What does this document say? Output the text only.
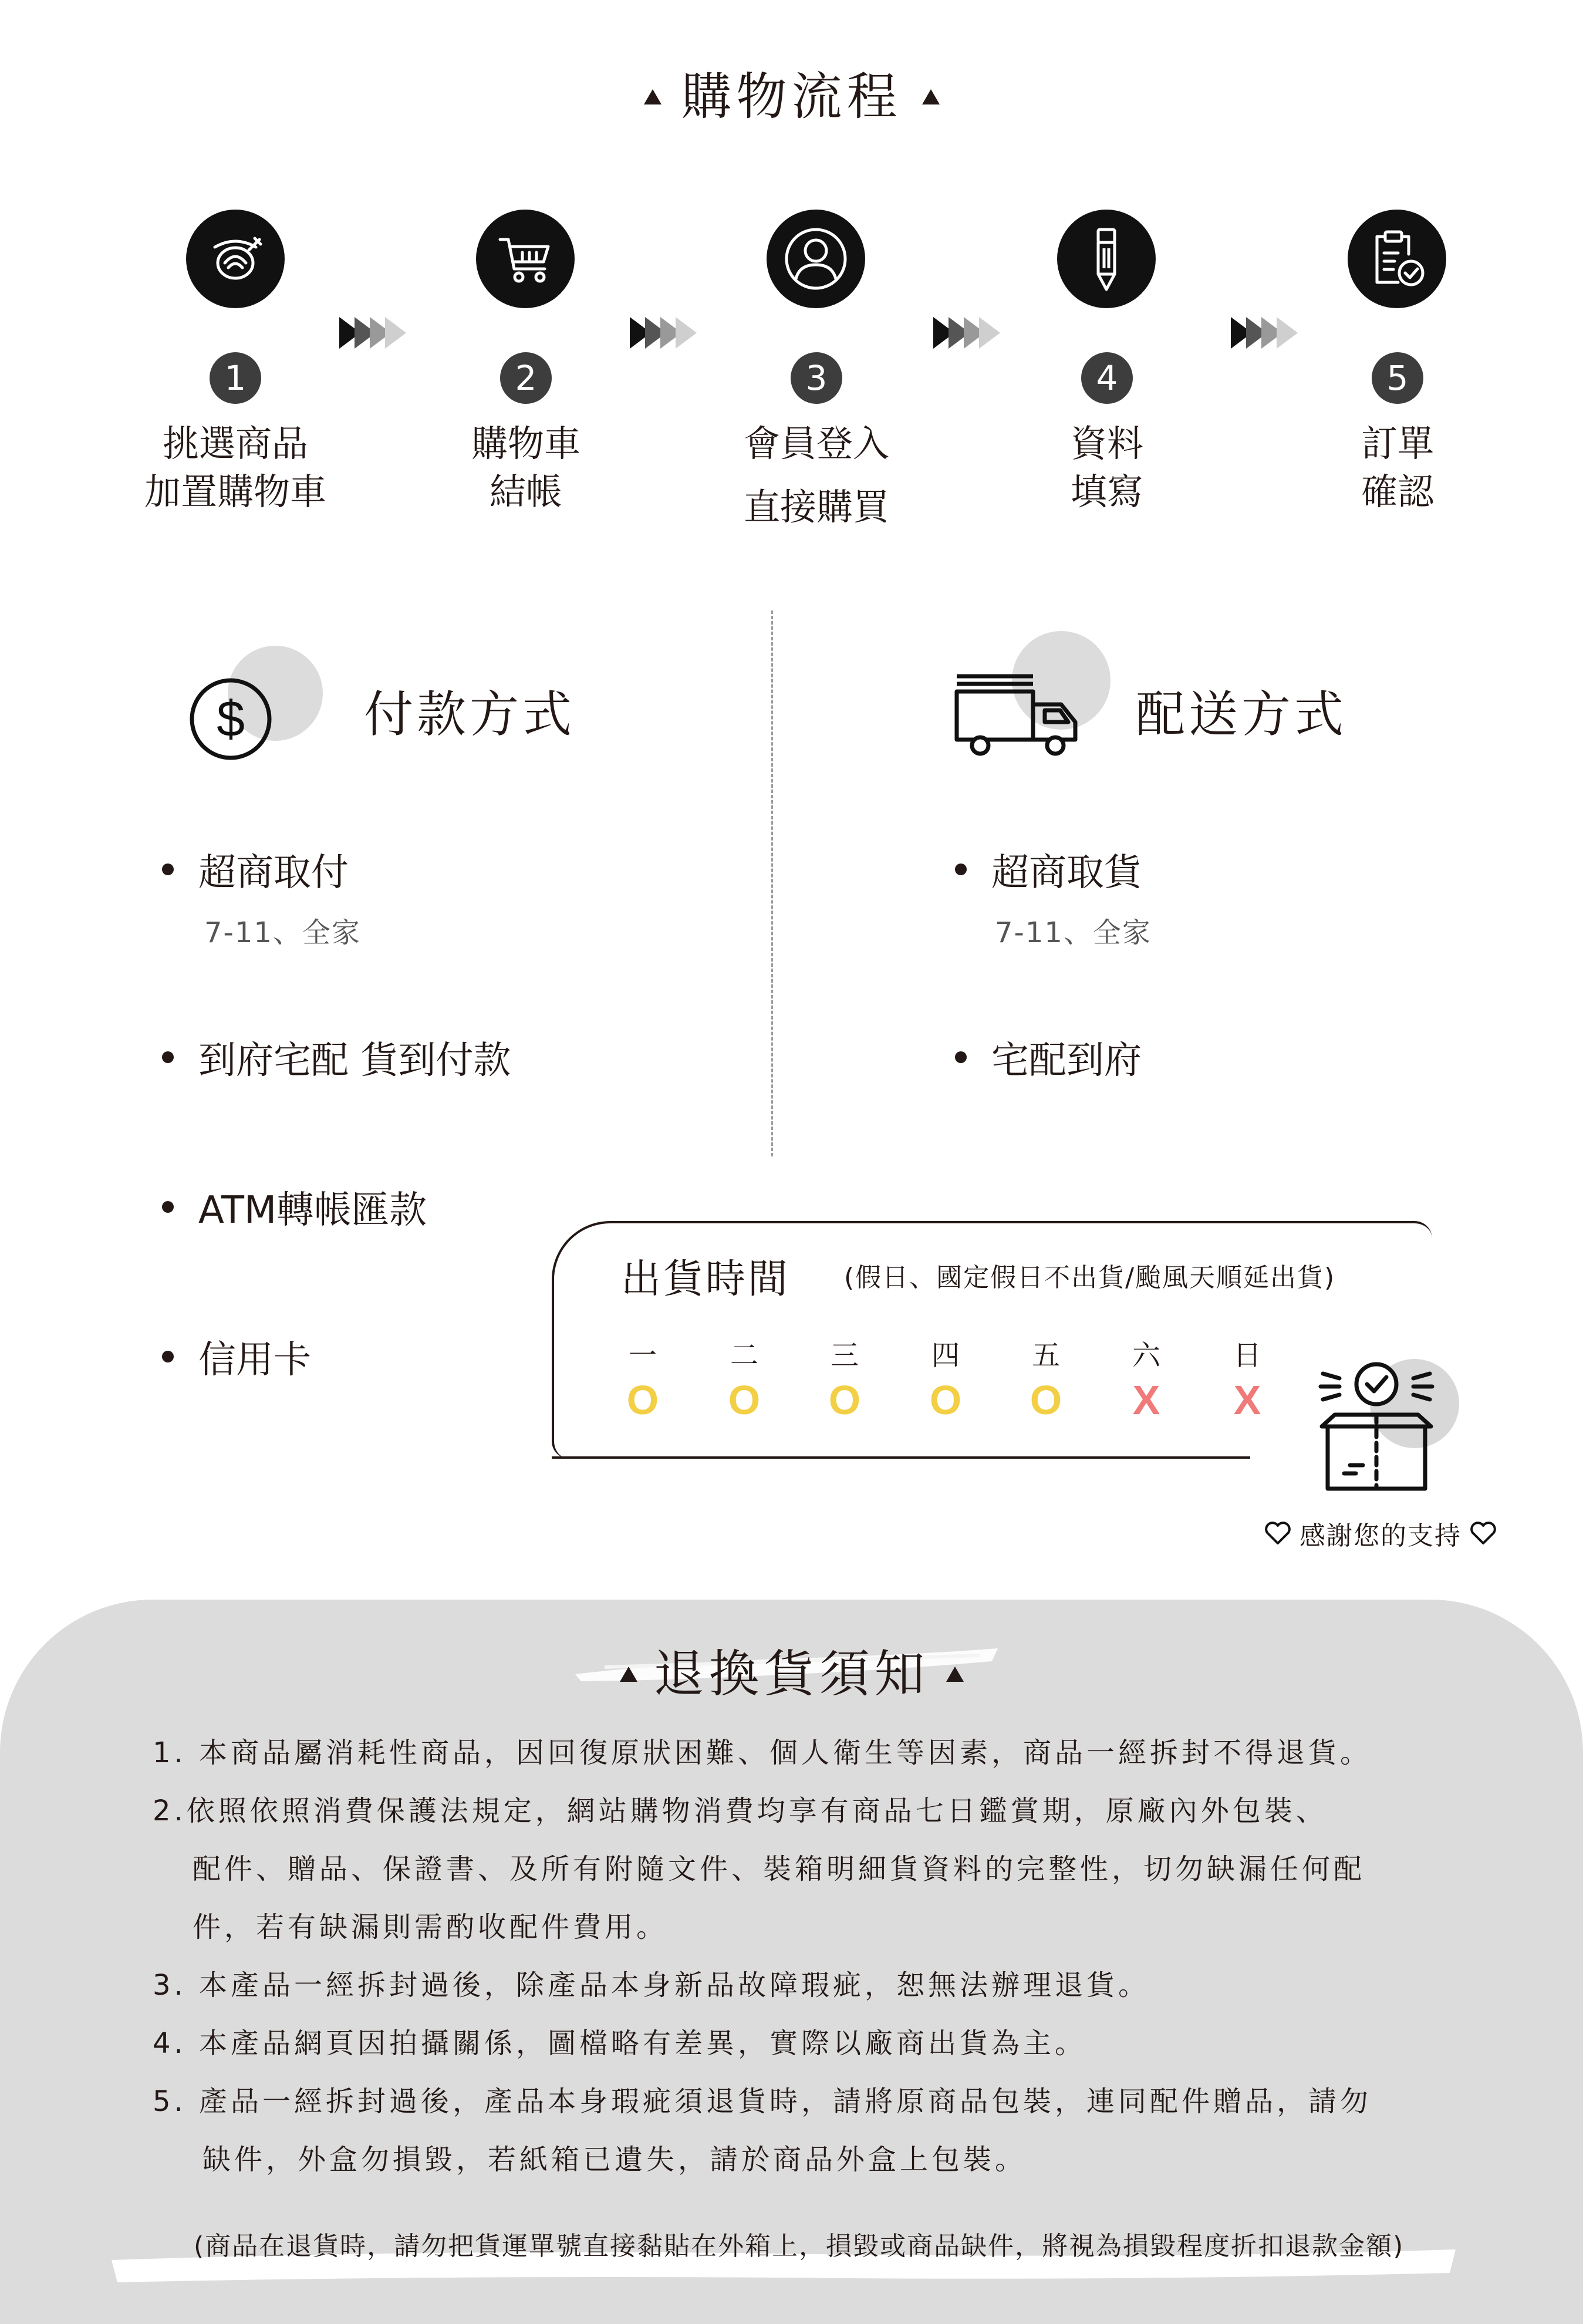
購物流程
1	2	3	4	5
挑選商品
加置購物車
購物車
結帳
會員登入
直接購買
資料
填寫
訂單
確認
$ 付款方式
超商取付
7-11、全家
到府宅配 貨到付款
ATM轉帳匯款
信用卡
配送方式
超商取貨
7-11、全家
宅配到府
出貨時間 (假日、國定假日不出貨/颱風天順延出貨)
一	二	三	四	五	六	日
O	O	O	O	O	X	X
感謝您的支持
退換貨須知
1. 本商品屬消耗性商品，因回復原狀困難、個人衛生等因素，商品一經拆封不得退貨。
2.依照依照消費保護法規定，網站購物消費均享有商品七日鑑賞期，原廠內外包裝、
配件、贈品、保證書、及所有附隨文件、裝箱明細貨資料的完整性，切勿缺漏任何配
件，若有缺漏則需酌收配件費用。
3. 本產品一經拆封過後，除產品本身新品故障瑕疵，恕無法辦理退貨。
4. 本產品網頁因拍攝關係，圖檔略有差異，實際以廠商出貨為主。
5. 產品一經拆封過後，產品本身瑕疵須退貨時，請將原商品包裝，連同配件贈品，請勿
缺件，外盒勿損毀，若紙箱已遺失，請於商品外盒上包裝。
(商品在退貨時，請勿把貨運單號直接黏貼在外箱上，損毀或商品缺件，將視為損毀程度折扣退款金額)
